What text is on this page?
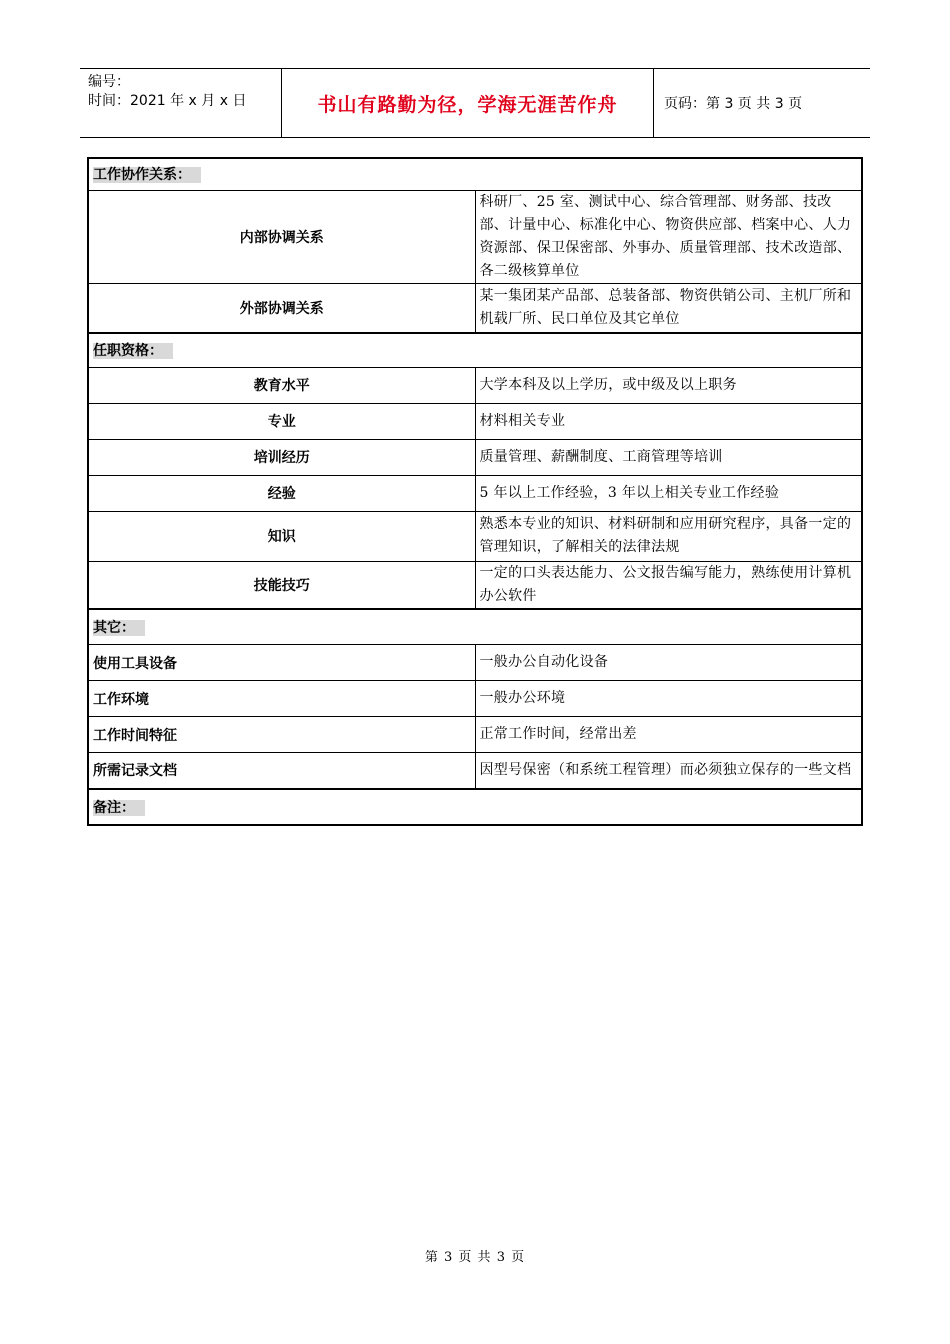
编号：
时间：2021 年 x 月 x 日	书山有路勤为径，学海无涯苦作舟	页码：第 3 页 共 3 页
工作协作关系：	
内部协调关系	科研厂、25 室、测试中心、综合管理部、财务部、技改部、计量中心、标准化中心、物资供应部、档案中心、人力资源部、保卫保密部、外事办、质量管理部、技术改造部、各二级核算单位
外部协调关系	某一集团某产品部、总装备部、物资供销公司、主机厂所和机载厂所、民口单位及其它单位
任职资格：	
教育水平	大学本科及以上学历，或中级及以上职务
专业	材料相关专业
培训经历	质量管理、薪酬制度、工商管理等培训
经验	5 年以上工作经验，3 年以上相关专业工作经验
知识	熟悉本专业的知识、材料研制和应用研究程序，具备一定的管理知识，了解相关的法律法规
技能技巧	一定的口头表达能力、公文报告编写能力，熟练使用计算机办公软件
其它：	
使用工具设备	一般办公自动化设备
工作环境	一般办公环境
工作时间特征	正常工作时间，经常出差
所需记录文档	因型号保密（和系统工程管理）而必须独立保存的一些文档
备注：	
第 3 页 共 3 页
